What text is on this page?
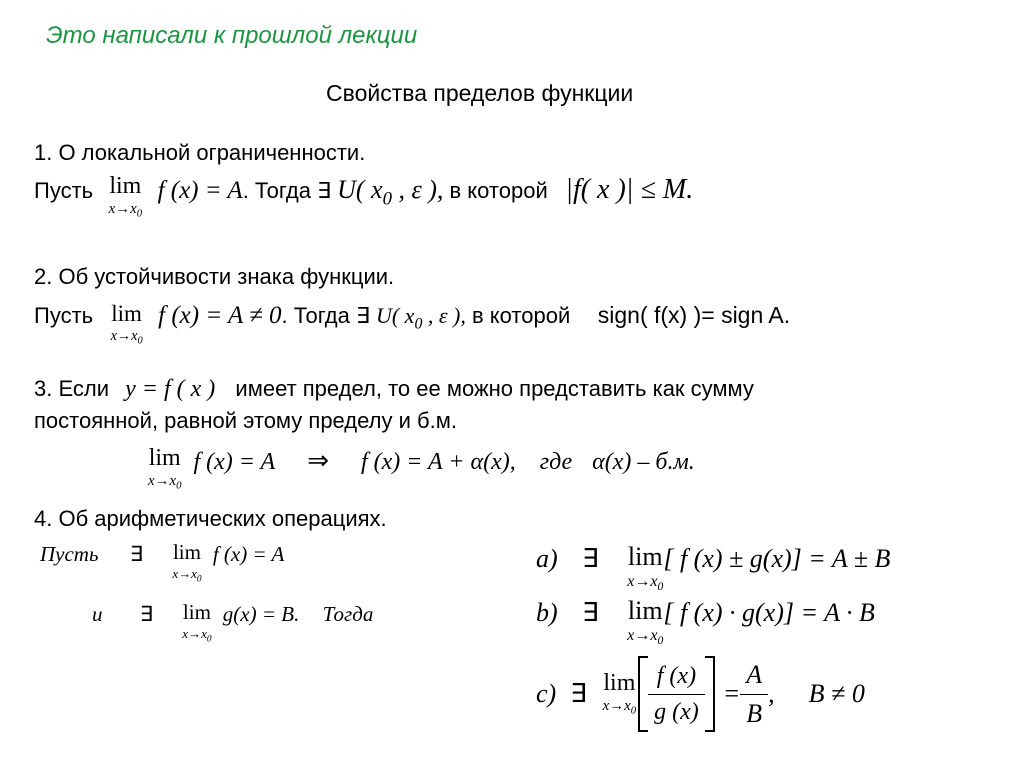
Это написали к прошлой лекции
Свойства пределов функции
1. О локальной ограниченности.
Пусть lim
$x\to x_0$
f (x) = A. Тогда ∃ U( $x_0$ , ε ), в которой |f( x )| ≤ M.
2. Об устойчивости знака функции.
Пусть lim
$x\to x_0$
f (x) = A ≠ 0. Тогда ∃ U( $x_0$ , ε ), в которой sign( f(x) )= sign A.
3. Если y = f ( x ) имеет предел, то ее можно представить как сумму
постоянной, равной этому пределу и б.м.
lim
$x\to x_0$
f (x) = A ⇒ f (x) = A + α(x), где α(x) – б.м.
4. Об арифметических операциях.
Пусть ∃ lim
$x\to x_0$
f (x) = A
и ∃ lim
$x\to x_0$
g(x) = B. Тогда
a) ∃ lim
$x\to x_0$
[ f (x) ± g(x)] = A ± B
b) ∃ lim
$x\to x_0$
[ f (x) · g(x)] = A · B
c) ∃ lim
$x\to x_0 \frac{f (x)}{g (x)} = \frac{A}{B}$ , B ≠ 0
